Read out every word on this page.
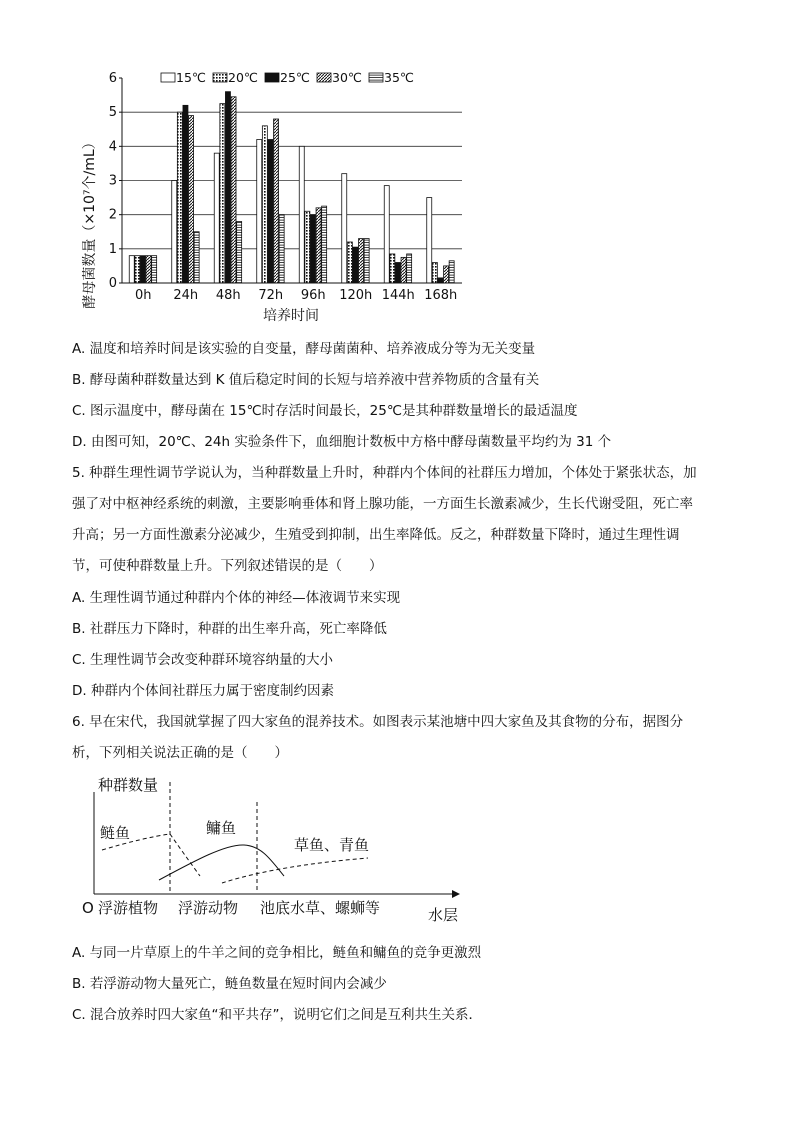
0
1
2
3
4
5
6
0h 24h 48h 72h 96h 120h 144h 168h
15℃ 20℃ 25℃ 30℃ 35℃
酵母菌数量（×10⁷个/mL）
培养时间
A. 温度和培养时间是该实验的自变量，酵母菌菌种、培养液成分等为无关变量
B. 酵母菌种群数量达到 K 值后稳定时间的长短与培养液中营养物质的含量有关
C. 图示温度中，酵母菌在 15℃时存活时间最长，25℃是其种群数量增长的最适温度
D. 由图可知，20℃、24h 实验条件下，血细胞计数板中方格中酵母菌数量平均约为 31 个
5. 种群生理性调节学说认为，当种群数量上升时，种群内个体间的社群压力增加，个体处于紧张状态，加
强了对中枢神经系统的刺激，主要影响垂体和肾上腺功能，一方面生长激素减少，生长代谢受阻，死亡率
升高；另一方面性激素分泌减少，生殖受到抑制，出生率降低。反之，种群数量下降时，通过生理性调
节，可使种群数量上升。下列叙述错误的是（　　）
A. 生理性调节通过种群内个体的神经—体液调节来实现
B. 社群压力下降时，种群的出生率升高，死亡率降低
C. 生理性调节会改变种群环境容纳量的大小
D. 种群内个体间社群压力属于密度制约因素
6. 早在宋代，我国就掌握了四大家鱼的混养技术。如图表示某池塘中四大家鱼及其食物的分布，据图分
析，下列相关说法正确的是（　　）
种群数量
鲢鱼	鳙鱼
草鱼、青鱼
O 浮游植物 浮游动物 池底水草、螺蛳等	水层
A. 与同一片草原上的牛羊之间的竞争相比，鲢鱼和鳙鱼的竞争更激烈
B. 若浮游动物大量死亡，鲢鱼数量在短时间内会减少
C. 混合放养时四大家鱼“和平共存”，说明它们之间是互利共生关系．
